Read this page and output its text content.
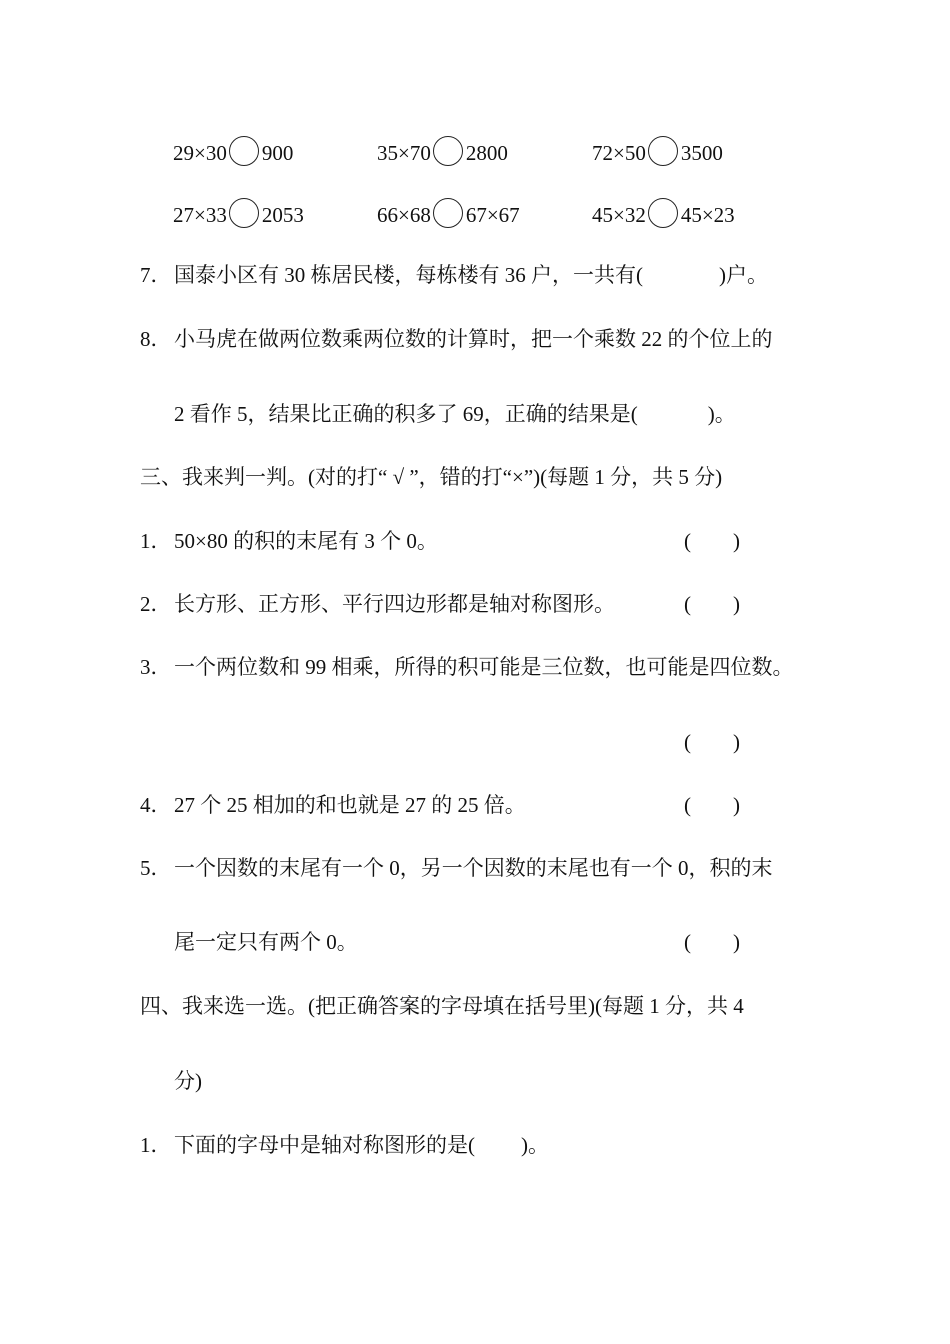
29×30 900	35×70 2800	72×50 3500
27×33 2053	66×68 67×67	45×32 45×23
7． 国泰小区有 30 栋居民楼，每栋楼有 36 户，一共有(	)户。
8． 小马虎在做两位数乘两位数的计算时，把一个乘数 22 的个位上的
2 看作 5，结果比正确的积多了 69，正确的结果是(	)。
三、我来判一判。(对的打“ √ ”，错的打“×”)(每题 1 分，共 5 分)
1． 50×80 的积的末尾有 3 个 0。	(　　)
2． 长方形、正方形、平行四边形都是轴对称图形。	(　　)
3． 一个两位数和 99 相乘，所得的积可能是三位数，也可能是四位数。
(　　)
4． 27 个 25 相加的和也就是 27 的 25 倍。	(　　)
5． 一个因数的末尾有一个 0，另一个因数的末尾也有一个 0，积的末
尾一定只有两个 0。	(　　)
四、我来选一选。(把正确答案的字母填在括号里)(每题 1 分，共 4
分)
1． 下面的字母中是轴对称图形的是( )。
